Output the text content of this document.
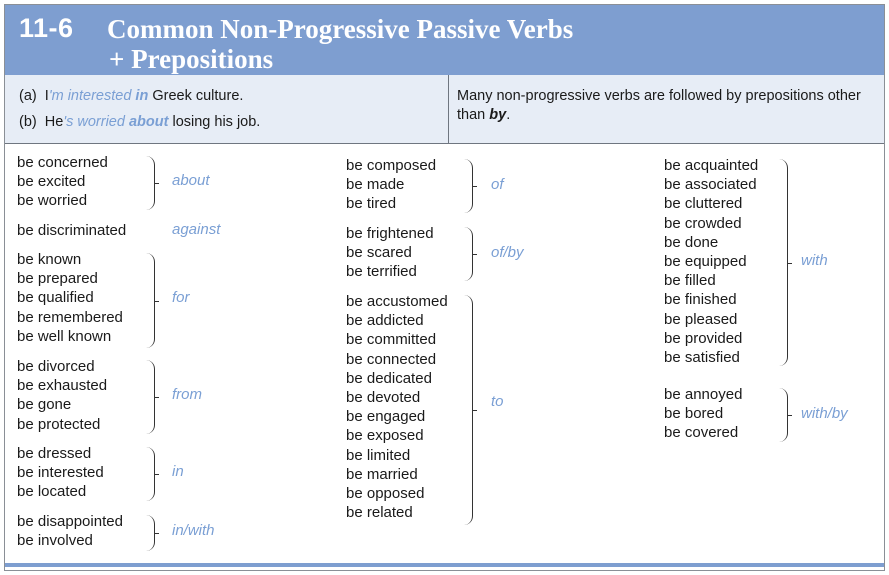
11-6 Common Non-Progressive Passive Verbs
+ Prepositions
(a) I'm interested in Greek culture.
(b) He's worried about losing his job.
Many non-progressive verbs are followed by prepositions other than by.
be concerned
be excited
be worried
about
be discriminated	against
be known
be prepared
be qualified
be remembered
be well known
for
be divorced
be exhausted
be gone
be protected
from
be dressed
be interested
be located
in
be disappointed
be involved
in/with
be composed
be made
be tired
of
be frightened
be scared
be terrified
of/by
be accustomed
be addicted
be committed
be connected
be dedicated
be devoted
be engaged
be exposed
be limited
be married
be opposed
be related
to
be acquainted
be associated
be cluttered
be crowded
be done
be equipped
be filled
be finished
be pleased
be provided
be satisfied
with
be annoyed
be bored
be covered
with/by
